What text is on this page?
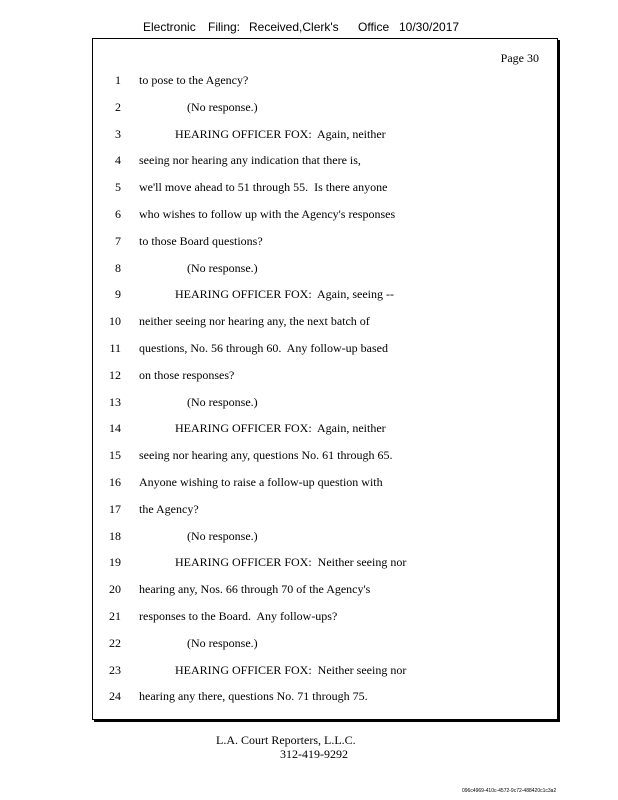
Electronic Filing: Received,Clerk's Office 10/30/2017
Page 30
1 to pose to the Agency?
2	(No response.)
3	HEARING OFFICER FOX:  Again, neither
4 seeing nor hearing any indication that there is,
5 we'll move ahead to 51 through 55.  Is there anyone
6 who wishes to follow up with the Agency's responses
7 to those Board questions?
8	(No response.)
9	HEARING OFFICER FOX:  Again, seeing --
10 neither seeing nor hearing any, the next batch of
11 questions, No. 56 through 60.  Any follow-up based
12 on those responses?
13	(No response.)
14	HEARING OFFICER FOX:  Again, neither
15 seeing nor hearing any, questions No. 61 through 65.
16 Anyone wishing to raise a follow-up question with
17 the Agency?
18	(No response.)
19	HEARING OFFICER FOX:  Neither seeing nor
20 hearing any, Nos. 66 through 70 of the Agency's
21 responses to the Board.  Any follow-ups?
22	(No response.)
23	HEARING OFFICER FOX:  Neither seeing nor
24 hearing any there, questions No. 71 through 75.
L.A. Court Reporters, L.L.C.
312-419-9292
096c4969-410c-4572-9c72-488420c1c3a2
